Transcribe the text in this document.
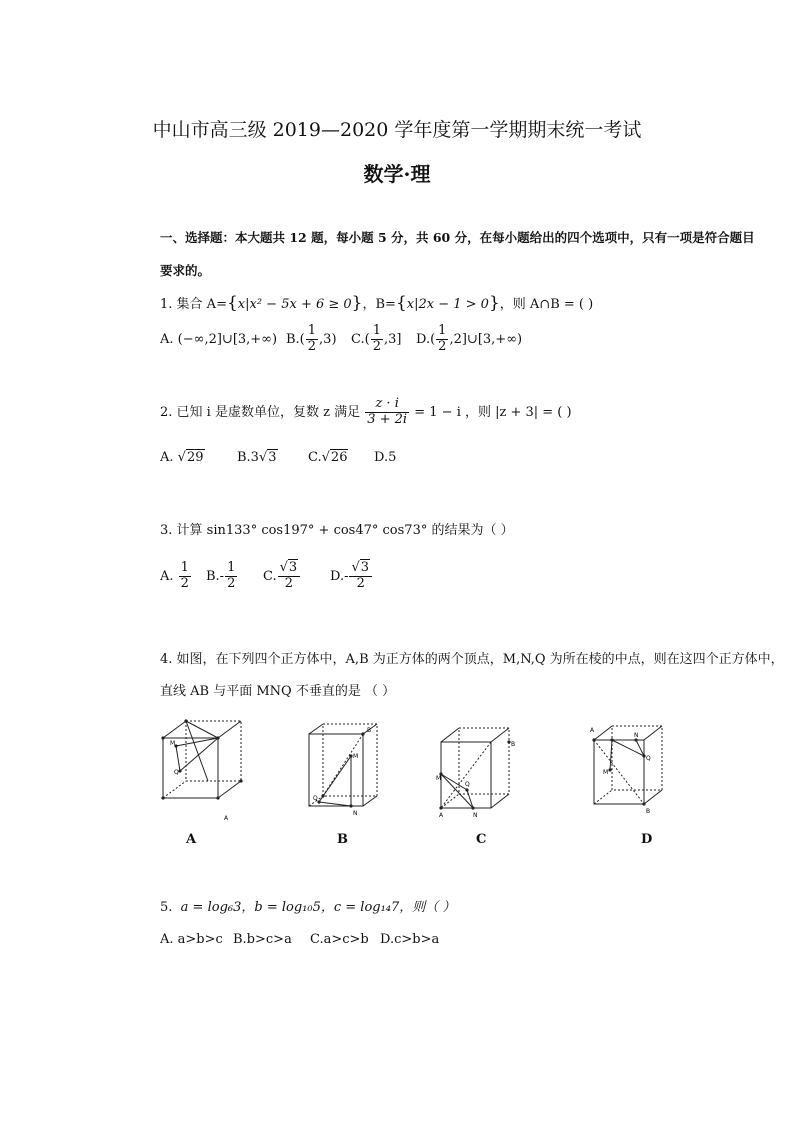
中山市高三级 2019—2020 学年度第一学期期末统一考试
数学·理
一、选择题：本大题共 12 题，每小题 5 分，共 60 分，在每小题给出的四个选项中，只有一项是符合题目
要求的。
1. 集合 A={x|x² − 5x + 6 ≥ 0}，B={x|2x − 1 > 0}，则 A∩B = ( )
A. (−∞,2]∪[3,+∞) $B.( \frac{1}{2} ,3)$ $C.( \frac{1}{2} ,3]$ $D.( \frac{1}{2}$ ,2]∪[3,+∞)
2. 已知 i 是虚数单位，复数 z 满足 $\frac{z \cdot i}{3 + 2i} = 1 - i$ ，则 |z + 3| = ( )
A. √29	B.3√3 C.√26 D.5
3. 计算 sin133° cos197° + cos47° cos73° 的结果为（ ）
A. $\frac{1}{2} B.- \frac{1}{2} C$. $\frac{√3}{2} D.- \frac{√3}{2}$
4. 如图，在下列四个正方体中，A,B 为正方体的两个顶点，M,N,Q 为所在棱的中点，则在这四个正方体中，
直线 AB 与平面 MNQ 不垂直的是 （ ）
M
Q
A
A
B
M
Q
N
B
M
Q
B
A	N
C
A
Q
N
M
B
D
5. a = log₆3，b = log₁₀5，c = log₁₄7，则（ ）
A. a>b>c B.b>c>a C.a>c>b D.c>b>a
